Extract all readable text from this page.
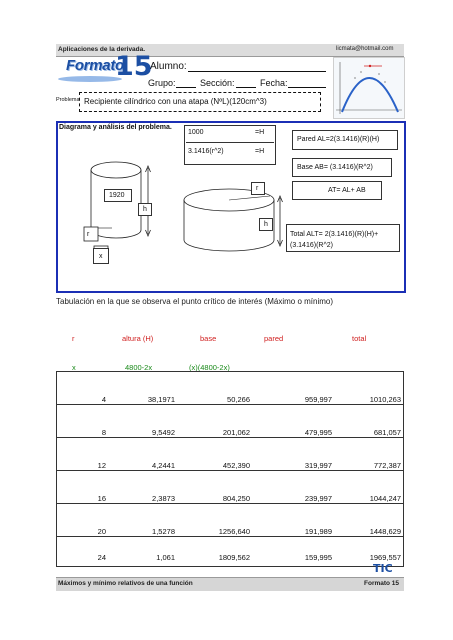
Aplicaciones de la derivada.	licmata@hotmail.com
Formato
15
Alumno:
Grupo:	Sección:	Fecha:
Problema Recipiente cilíndrico con una atapa (NºL)(120cm^3)
Diagrama y análisis del problema.
1000	=H
3.1416(r^2)	=H
Pared AL=2(3.1416)(R)(H)
Base AB= (3.1416)(R^2)
AT= AL+ AB
Total ALT= 2(3.1416)(R)(H)+ (3.1416)(R^2)
1920
h
r
h
r
x
Tabulación en la que se observa el punto crítico de interés (Máximo o mínimo)
r	altura (H)	base	pared	total
x	4800-2x	(x)(4800-2x)
4	38,1971	50,266	959,997	1010,263
8	9,5492	201,062	479,995	681,057
12	4,2441	452,390	319,997	772,387
16	2,3873	804,250	239,997	1044,247
20	1,5278	1256,640	191,989	1448,629
24	1,061	1809,562	159,995	1969,557
TIC
Máximos y mínimo relativos de una función	Formato 15
